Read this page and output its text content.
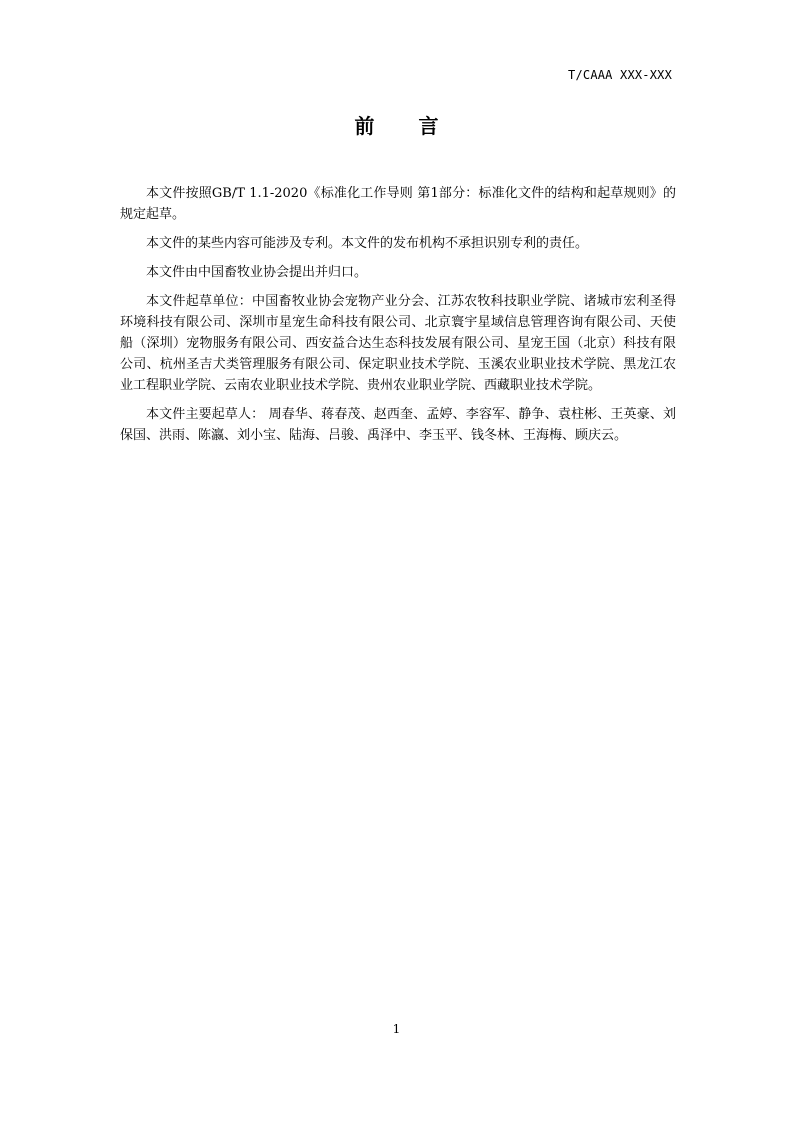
T/CAAA XXX-XXX
前言

本文件按照GB/T 1.1-2020《标准化工作导则 第1部分：标准化文件的结构和起草规则》的规定起草。

本文件的某些内容可能涉及专利。本文件的发布机构不承担识别专利的责任。

本文件由中国畜牧业协会提出并归口。

本文件起草单位：中国畜牧业协会宠物产业分会、江苏农牧科技职业学院、诸城市宏利圣得环境科技有限公司、深圳市星宠生命科技有限公司、北京寰宇星域信息管理咨询有限公司、天使船（深圳）宠物服务有限公司、西安益合达生态科技发展有限公司、星宠王国（北京）科技有限公司、杭州圣吉犬类管理服务有限公司、保定职业技术学院、玉溪农业职业技术学院、黑龙江农业工程职业学院、云南农业职业技术学院、贵州农业职业学院、西藏职业技术学院。

本文件主要起草人： 周春华、蒋春茂、赵西奎、孟婷、李容军、静争、袁柱彬、王英豪、刘保国、洪雨、陈瀛、刘小宝、陆海、吕骏、禹泽中、李玉平、钱冬林、王海梅、顾庆云。

1
